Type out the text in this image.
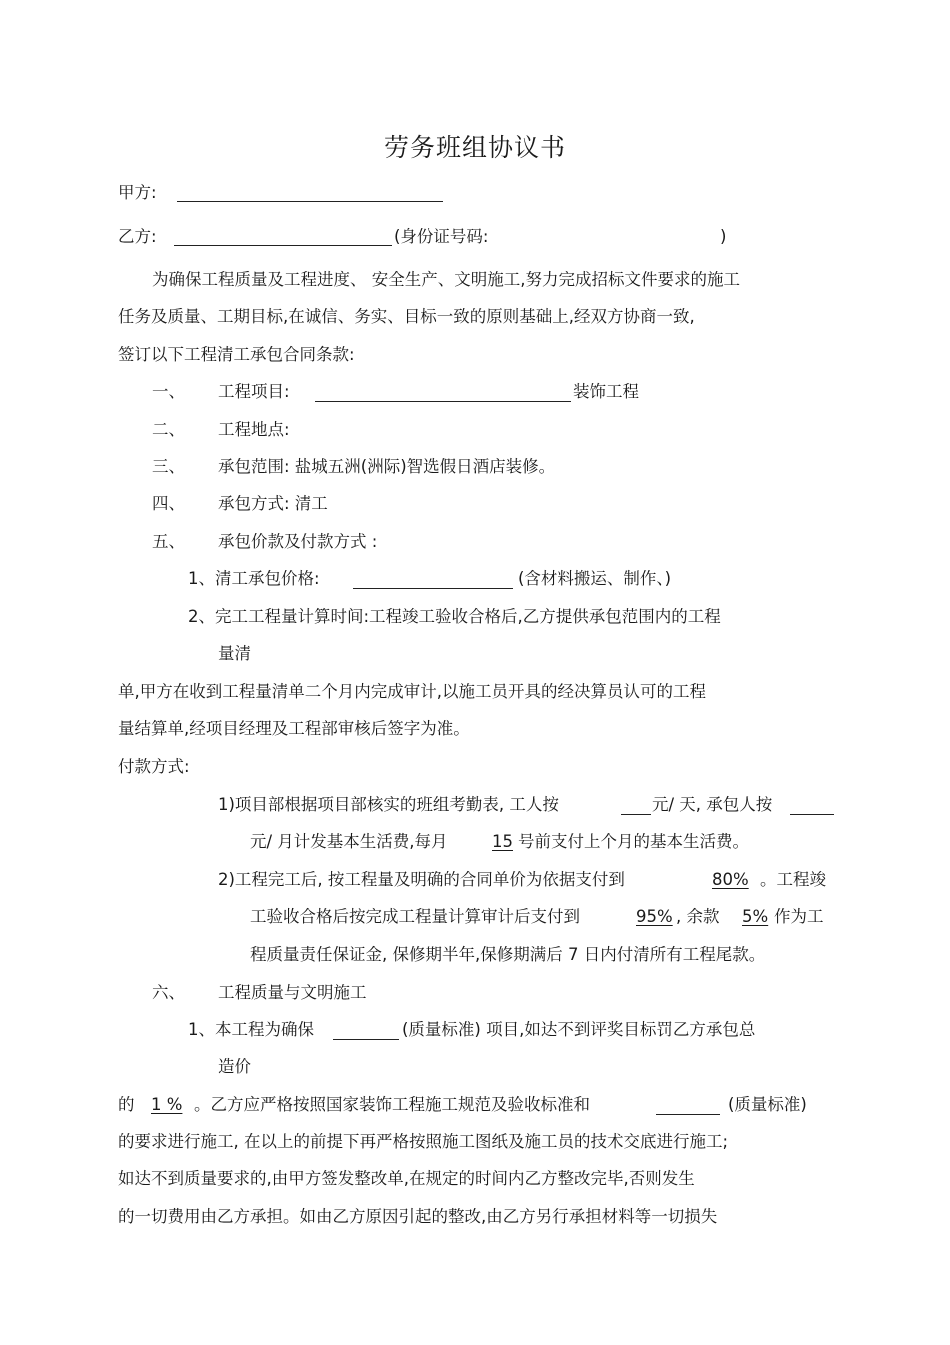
劳务班组协议书
甲方:
乙方:	(身份证号码:	)
为确保工程质量及工程进度、 安全生产、文明施工,努力完成招标文件要求的施工
任务及质量、工期目标,在诚信、务实、目标一致的原则基础上,经双方协商一致,
签订以下工程清工承包合同条款:
一、 工程项目:	装饰工程
二、 工程地点:
三、 承包范围: 盐城五洲(洲际)智选假日酒店装修。
四、 承包方式: 清工
五、 承包价款及付款方式 :
1、清工承包价格:	(含材料搬运、制作、)
2、完工工程量计算时间:工程竣工验收合格后,乙方提供承包范围内的工程
量清
单,甲方在收到工程量清单二个月内完成审计,以施工员开具的经决算员认可的工程
量结算单,经项目经理及工程部审核后签字为准。
付款方式:
1)项目部根据项目部核实的班组考勤表, 工人按	元/ 天, 承包人按
元/ 月计发基本生活费,每月	15 号前支付上个月的基本生活费。
2)工程完工后, 按工程量及明确的合同单价为依据支付到	80% 。工程竣
工验收合格后按完成工程量计算审计后支付到	95% , 余款 5% 作为工
程质量责任保证金, 保修期半年,保修期满后 7 日内付清所有工程尾款。
六、 工程质量与文明施工
1、本工程为确保	(质量标准) 项目,如达不到评奖目标罚乙方承包总
造价
的	1 % 。乙方应严格按照国家装饰工程施工规范及验收标准和	(质量标准)
的要求进行施工, 在以上的前提下再严格按照施工图纸及施工员的技术交底进行施工;
如达不到质量要求的,由甲方签发整改单,在规定的时间内乙方整改完毕,否则发生
的一切费用由乙方承担。如由乙方原因引起的整改,由乙方另行承担材料等一切损失
